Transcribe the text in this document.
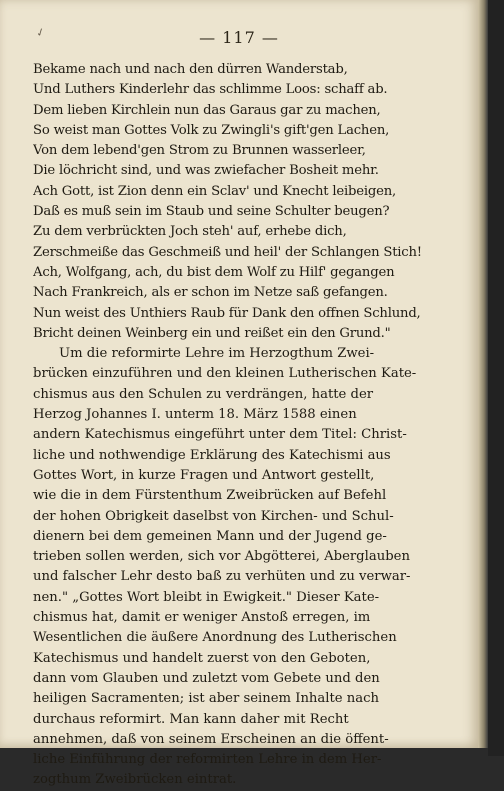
✓	— 117 —
Bekame nach und nach den dürren Wanderstab,
Und Luthers Kinderlehr das schlimme Loos: schaff ab.
Dem lieben Kirchlein nun das Garaus gar zu machen,
So weist man Gottes Volk zu Zwingli's gift'gen Lachen,
Von dem lebend'gen Strom zu Brunnen wasserleer,
Die löchricht sind, und was zwiefacher Bosheit mehr.
Ach Gott, ist Zion denn ein Sclav' und Knecht leibeigen,
Daß es muß sein im Staub und seine Schulter beugen?
Zu dem verbrückten Joch steh' auf, erhebe dich,
Zerschmeiße das Geschmeiß und heil' der Schlangen Stich!
Ach, Wolfgang, ach, du bist dem Wolf zu Hilf' gegangen
Nach Frankreich, als er schon im Netze saß gefangen.
Nun weist des Unthiers Raub für Dank den offnen Schlund,
Bricht deinen Weinberg ein und reißet ein den Grund."
Um die reformirte Lehre im Herzogthum Zwei-
brücken einzuführen und den kleinen Lutherischen Kate-
chismus aus den Schulen zu verdrängen, hatte der
Herzog Johannes I. unterm 18. März 1588 einen
andern Katechismus eingeführt unter dem Titel: Christ-
liche und nothwendige Erklärung des Katechismi aus
Gottes Wort, in kurze Fragen und Antwort gestellt,
wie die in dem Fürstenthum Zweibrücken auf Befehl
der hohen Obrigkeit daselbst von Kirchen- und Schul-
dienern bei dem gemeinen Mann und der Jugend ge-
trieben sollen werden, sich vor Abgötterei, Aberglauben
und falscher Lehr desto baß zu verhüten und zu verwar-
nen." „Gottes Wort bleibt in Ewigkeit." Dieser Kate-
chismus hat, damit er weniger Anstoß erregen, im
Wesentlichen die äußere Anordnung des Lutherischen
Katechismus und handelt zuerst von den Geboten,
dann vom Glauben und zuletzt vom Gebete und den
heiligen Sacramenten; ist aber seinem Inhalte nach
durchaus reformirt. Man kann daher mit Recht
annehmen, daß von seinem Erscheinen an die öffent-
liche Einführung der reformirten Lehre in dem Her-
zogthum Zweibrücken eintrat.
